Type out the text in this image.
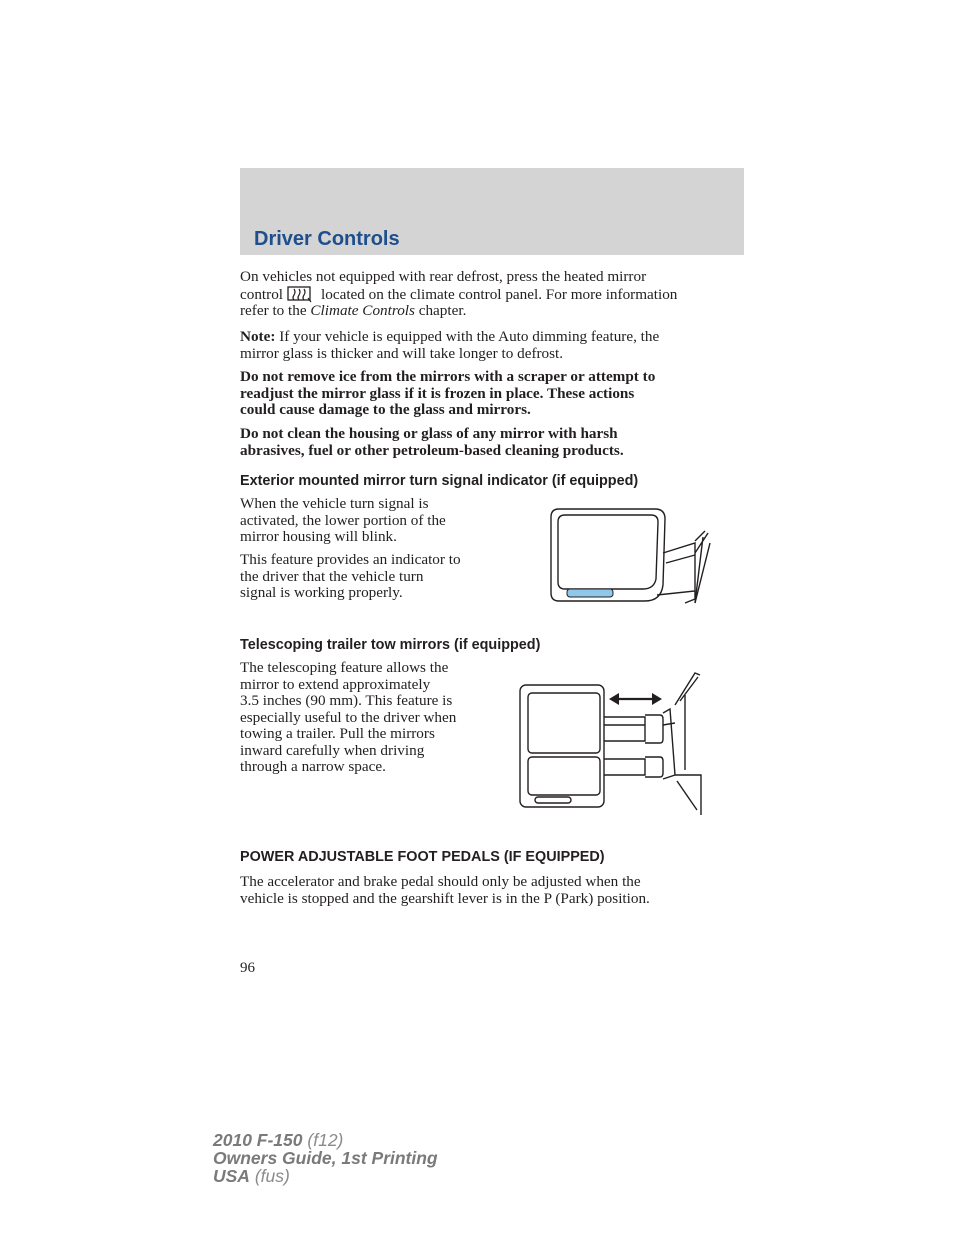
Driver Controls

On vehicles not equipped with rear defrost, press the heated mirror
control	located on the climate control panel. For more information
refer to the Climate Controls chapter.

Note: If your vehicle is equipped with the Auto dimming feature, the
mirror glass is thicker and will take longer to defrost.

Do not remove ice from the mirrors with a scraper or attempt to
readjust the mirror glass if it is frozen in place. These actions
could cause damage to the glass and mirrors.

Do not clean the housing or glass of any mirror with harsh
abrasives, fuel or other petroleum-based cleaning products.

Exterior mounted mirror turn signal indicator (if equipped)

When the vehicle turn signal is
activated, the lower portion of the
mirror housing will blink.

This feature provides an indicator to
the driver that the vehicle turn
signal is working properly.

Telescoping trailer tow mirrors (if equipped)

The telescoping feature allows the
mirror to extend approximately
3.5 inches (90 mm). This feature is
especially useful to the driver when
towing a trailer. Pull the mirrors
inward carefully when driving
through a narrow space.

POWER ADJUSTABLE FOOT PEDALS (IF EQUIPPED)

The accelerator and brake pedal should only be adjusted when the
vehicle is stopped and the gearshift lever is in the P (Park) position.

96

2010 F-150 (f12)
Owners Guide, 1st Printing
USA (fus)
